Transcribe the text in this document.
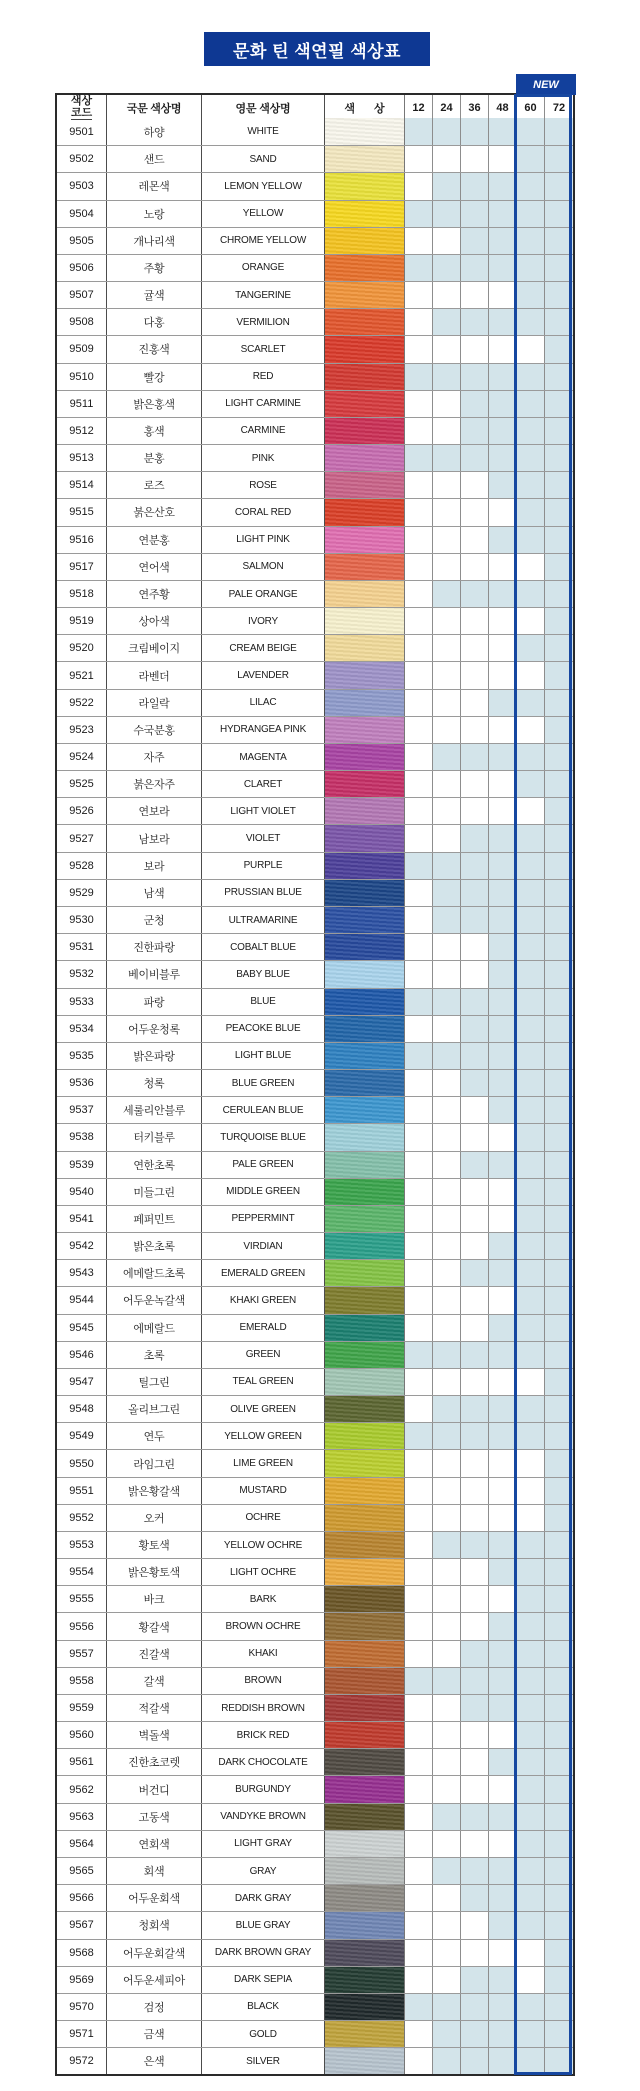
문화 틴 색연필 색상표
NEW
색상
코드	국문 색상명	영문 색상명	색 상	12	24	36	48	60	72
9501	하양	WHITE
9502	샌드	SAND
9503	레몬색	LEMON YELLOW
9504	노랑	YELLOW
9505	개나리색	CHROME YELLOW
9506	주황	ORANGE
9507	귤색	TANGERINE
9508	다홍	VERMILION
9509	진홍색	SCARLET
9510	빨강	RED
9511	밝은홍색	LIGHT CARMINE
9512	홍색	CARMINE
9513	분홍	PINK
9514	로즈	ROSE
9515	붉은산호	CORAL RED
9516	연분홍	LIGHT PINK
9517	연어색	SALMON
9518	연주황	PALE ORANGE
9519	상아색	IVORY
9520	크림베이지	CREAM BEIGE
9521	라벤더	LAVENDER
9522	라일락	LILAC
9523	수국분홍	HYDRANGEA PINK
9524	자주	MAGENTA
9525	붉은자주	CLARET
9526	연보라	LIGHT VIOLET
9527	남보라	VIOLET
9528	보라	PURPLE
9529	남색	PRUSSIAN BLUE
9530	군청	ULTRAMARINE
9531	진한파랑	COBALT BLUE
9532	베이비블루	BABY BLUE
9533	파랑	BLUE
9534	어두운청록	PEACOKE BLUE
9535	밝은파랑	LIGHT BLUE
9536	청록	BLUE GREEN
9537	세룰리안블루	CERULEAN BLUE
9538	터키블루	TURQUOISE BLUE
9539	연한초록	PALE GREEN
9540	미들그린	MIDDLE GREEN
9541	페퍼민트	PEPPERMINT
9542	밝은초록	VIRDIAN
9543	에메랄드초록	EMERALD GREEN
9544	어두운녹갈색	KHAKI GREEN
9545	에메랄드	EMERALD
9546	초록	GREEN
9547	틸그린	TEAL GREEN
9548	올리브그린	OLIVE GREEN
9549	연두	YELLOW GREEN
9550	라임그린	LIME GREEN
9551	밝은황갈색	MUSTARD
9552	오커	OCHRE
9553	황토색	YELLOW OCHRE
9554	밝은황토색	LIGHT OCHRE
9555	바크	BARK
9556	황갈색	BROWN OCHRE
9557	진갈색	KHAKI
9558	갈색	BROWN
9559	적갈색	REDDISH BROWN
9560	벽돌색	BRICK RED
9561	진한초코렛	DARK CHOCOLATE
9562	버건디	BURGUNDY
9563	고동색	VANDYKE BROWN
9564	연회색	LIGHT GRAY
9565	회색	GRAY
9566	어두운회색	DARK GRAY
9567	청회색	BLUE GRAY
9568	어두운회갈색	DARK BROWN GRAY
9569	어두운세피아	DARK SEPIA
9570	검정	BLACK
9571	금색	GOLD
9572	은색	SILVER
